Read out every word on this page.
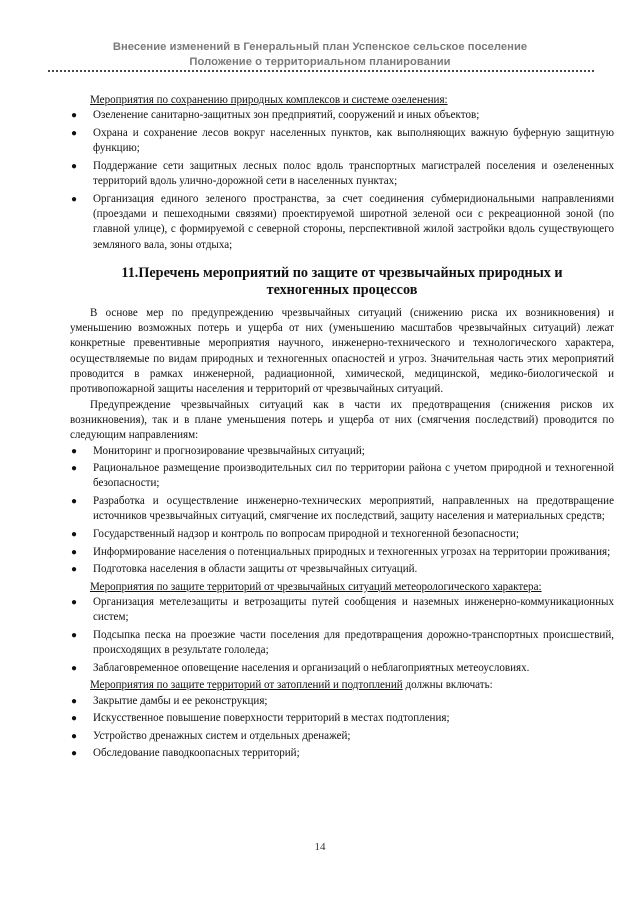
Внесение изменений в Генеральный план Успенское сельское поселение
Положение о территориальном планировании

Мероприятия по сохранению природных комплексов и системе озеленения:

● Озеленение санитарно-защитных зон предприятий, сооружений и иных объектов;
● Охрана и сохранение лесов вокруг населенных пунктов, как выполняющих важную буферную защитную функцию;
● Поддержание сети защитных лесных полос вдоль транспортных магистралей поселения и озелененных территорий вдоль улично-дорожной сети в населенных пунктах;
● Организация единого зеленого пространства, за счет соединения субмеридиональными направлениями (проездами и пешеходными связями) проектируемой широтной зеленой оси с рекреационной зоной (по главной улице), с формируемой с северной стороны, перспективной жилой застройки вдоль существующего земляного вала, зоны отдыха;
11.Перечень мероприятий по защите от чрезвычайных природных и
техногенных процессов

В основе мер по предупреждению чрезвычайных ситуаций (снижению риска их возникновения) и уменьшению возможных потерь и ущерба от них (уменьшению масштабов чрезвычайных ситуаций) лежат конкретные превентивные мероприятия научного, инженерно-технического и технологического характера, осуществляемые по видам природных и техногенных опасностей и угроз. Значительная часть этих мероприятий проводится в рамках инженерной, радиационной, химической, медицинской, медико-биологической и противопожарной защиты населения и территорий от чрезвычайных ситуаций.

Предупреждение чрезвычайных ситуаций как в части их предотвращения (снижения рисков их возникновения), так и в плане уменьшения потерь и ущерба от них (смягчения последствий) проводится по следующим направлениям:

● Мониторинг и прогнозирование чрезвычайных ситуаций;
● Рациональное размещение производительных сил по территории района с учетом природной и техногенной безопасности;
● Разработка и осуществление инженерно-технических мероприятий, направленных на предотвращение источников чрезвычайных ситуаций, смягчение их последствий, защиту населения и материальных средств;
● Государственный надзор и контроль по вопросам природной и техногенной безопасности;
● Информирование населения о потенциальных природных и техногенных угрозах на территории проживания;
● Подготовка населения в области защиты от чрезвычайных ситуаций.

Мероприятия по защите территорий от чрезвычайных ситуаций метеорологического характера:

● Организация метелезащиты и ветрозащиты путей сообщения и наземных инженерно-коммуникационных систем;
● Подсыпка песка на проезжие части поселения для предотвращения дорожно-транспортных происшествий, происходящих в результате гололеда;
● Заблаговременное оповещение населения и организаций о неблагоприятных метеоусловиях.

Мероприятия по защите территорий от затоплений и подтоплений должны включать:

● Закрытие дамбы и ее реконструкция;
● Искусственное повышение поверхности территорий в местах подтопления;
● Устройство дренажных систем и отдельных дренажей;
● Обследование паводкоопасных территорий;
14
